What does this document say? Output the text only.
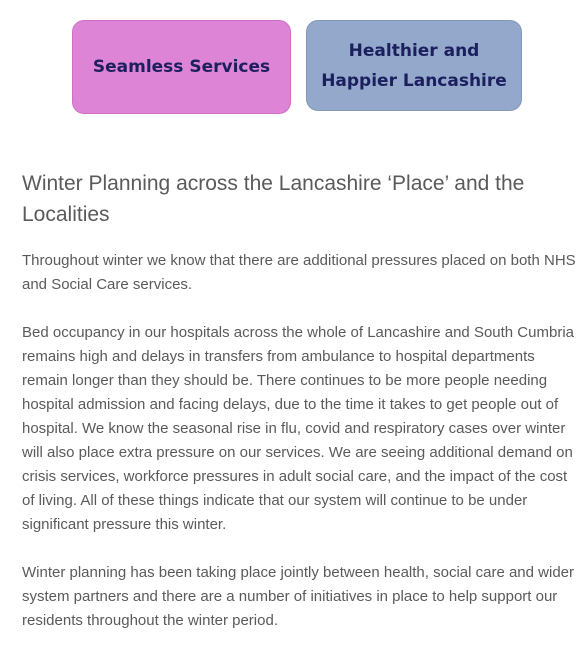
Seamless Services
Healthier and Happier Lancashire
Winter Planning across the Lancashire ‘Place’ and the Localities

Throughout winter we know that there are additional pressures placed on both NHS and Social Care services.

Bed occupancy in our hospitals across the whole of Lancashire and South Cumbria remains high and delays in transfers from ambulance to hospital departments remain longer than they should be. There continues to be more people needing hospital admission and facing delays, due to the time it takes to get people out of hospital. We know the seasonal rise in flu, covid and respiratory cases over winter will also place extra pressure on our services. We are seeing additional demand on crisis services, workforce pressures in adult social care, and the impact of the cost of living. All of these things indicate that our system will continue to be under significant pressure this winter.

Winter planning has been taking place jointly between health, social care and wider system partners and there are a number of initiatives in place to help support our residents throughout the winter period.
